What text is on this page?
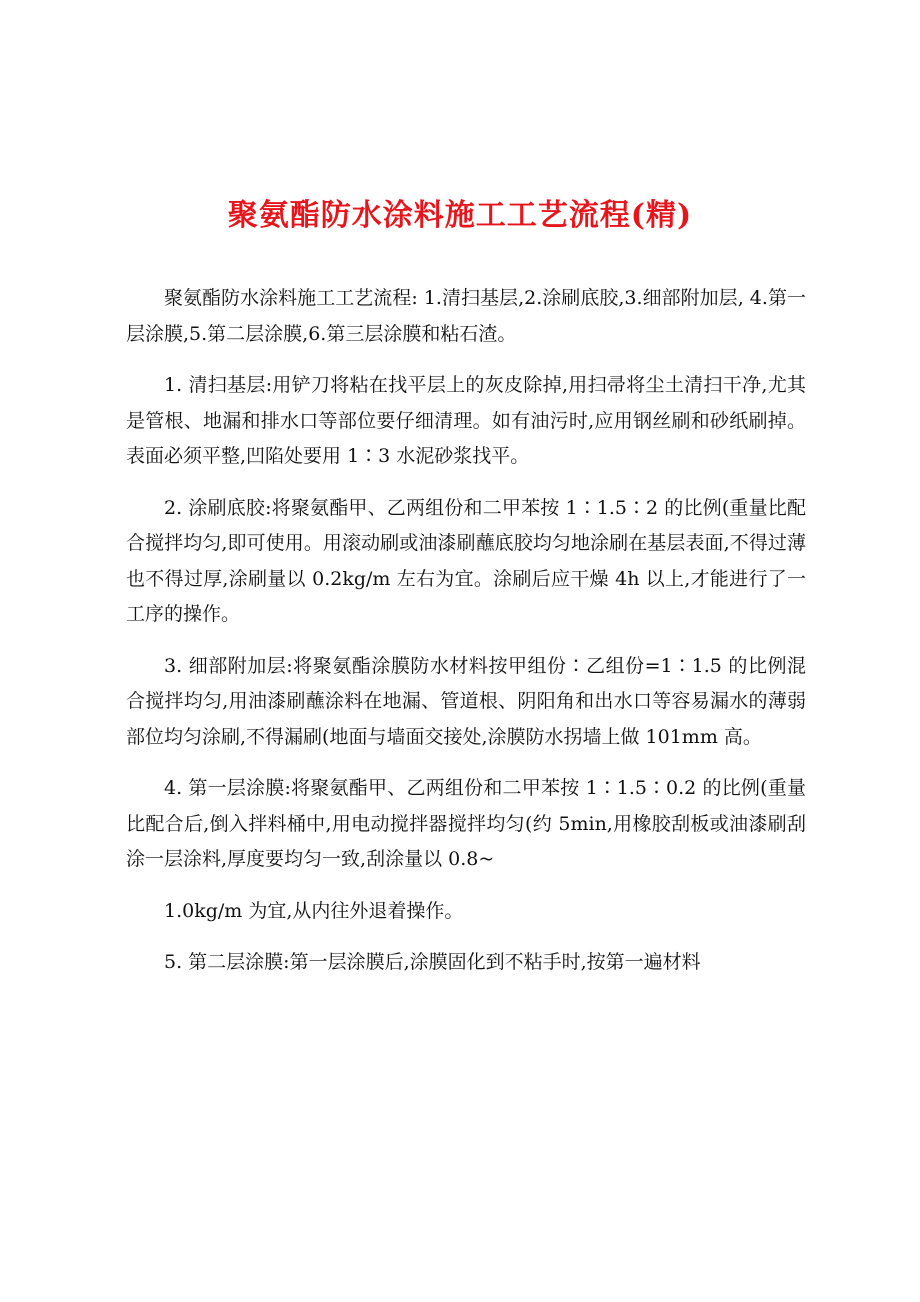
聚氨酯防水涂料施工工艺流程(精)

聚氨酯防水涂料施工工艺流程: 1.清扫基层,2.涂刷底胶,3.细部附加层, 4.第一层涂膜,5.第二层涂膜,6.第三层涂膜和粘石渣。

1. 清扫基层:用铲刀将粘在找平层上的灰皮除掉,用扫帚将尘土清扫干净,尤其是管根、地漏和排水口等部位要仔细清理。如有油污时,应用钢丝刷和砂纸刷掉。表面必须平整,凹陷处要用 1∶3 水泥砂浆找平。

2. 涂刷底胶:将聚氨酯甲、乙两组份和二甲苯按 1∶1.5∶2 的比例(重量比配合搅拌均匀,即可使用。用滚动刷或油漆刷蘸底胶均匀地涂刷在基层表面,不得过薄也不得过厚,涂刷量以 0.2kg/m 左右为宜。涂刷后应干燥 4h 以上,才能进行了一工序的操作。

3. 细部附加层:将聚氨酯涂膜防水材料按甲组份∶乙组份=1∶1.5 的比例混合搅拌均匀,用油漆刷蘸涂料在地漏、管道根、阴阳角和出水口等容易漏水的薄弱部位均匀涂刷,不得漏刷(地面与墙面交接处,涂膜防水拐墙上做 101mm 高。

4. 第一层涂膜:将聚氨酯甲、乙两组份和二甲苯按 1∶1.5∶0.2 的比例(重量比配合后,倒入拌料桶中,用电动搅拌器搅拌均匀(约 5min,用橡胶刮板或油漆刷刮涂一层涂料,厚度要均匀一致,刮涂量以 0.8~

1.0kg/m 为宜,从内往外退着操作。

5. 第二层涂膜:第一层涂膜后,涂膜固化到不粘手时,按第一遍材料
